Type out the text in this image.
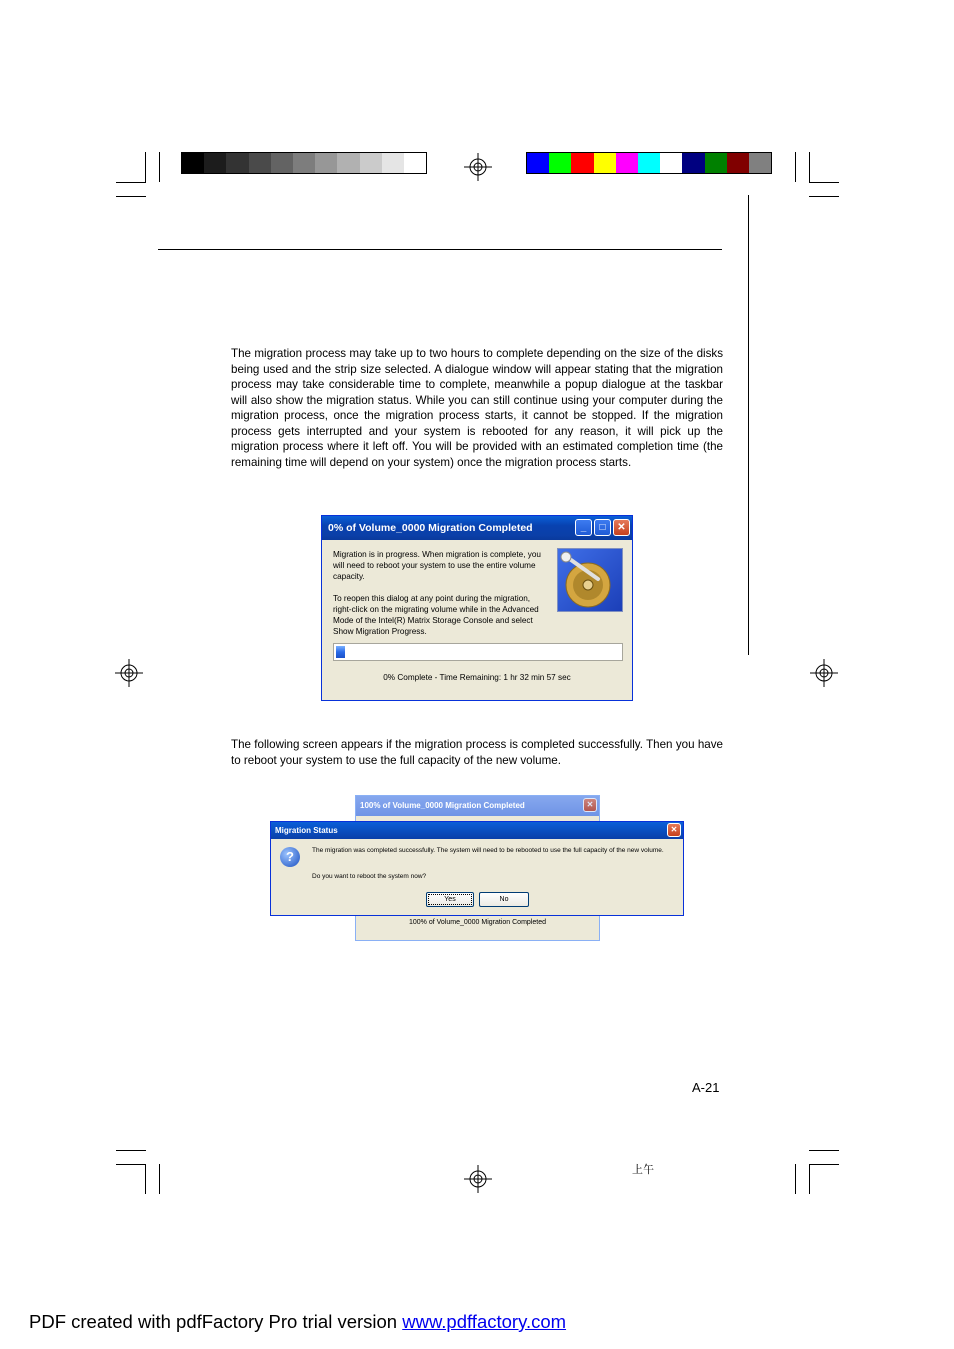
The migration process may take up to two hours to complete depending on the size of the disks being used and the strip size selected. A dialogue window will appear stating that the migration process may take considerable time to complete, meanwhile a popup dialogue at the taskbar will also show the migration status. While you can still continue using your computer during the migration process, once the migration process starts, it cannot be stopped. If the migration process gets interrupted and your system is rebooted for any reason, it will pick up the migration process where it left off. You will be provided with an estimated completion time (the remaining time will depend on your system) once the migration process starts.

0% of Volume_0000 Migration Completed	_	□	✕
Migration is in progress. When migration is complete, you will need to reboot your system to use the entire volume capacity.
To reopen this dialog at any point during the migration, right-click on the migrating volume while in the Advanced Mode of the Intel(R) Matrix Storage Console and select Show Migration Progress.
0% Complete - Time Remaining: 1 hr 32 min 57 sec

The following screen appears if the migration process is completed successfully. Then you have to reboot your system to use the full capacity of the new volume.

100% of Volume_0000 Migration Completed	✕
100% of Volume_0000 Migration Completed
Migration Status	✕
?	The migration was completed successfully. The system will need to be rebooted to use the full capacity of the new volume.
Do you want to reboot the system now?
Yes	No
A-21
上午
PDF created with pdfFactory Pro trial version www.pdffactory.com
